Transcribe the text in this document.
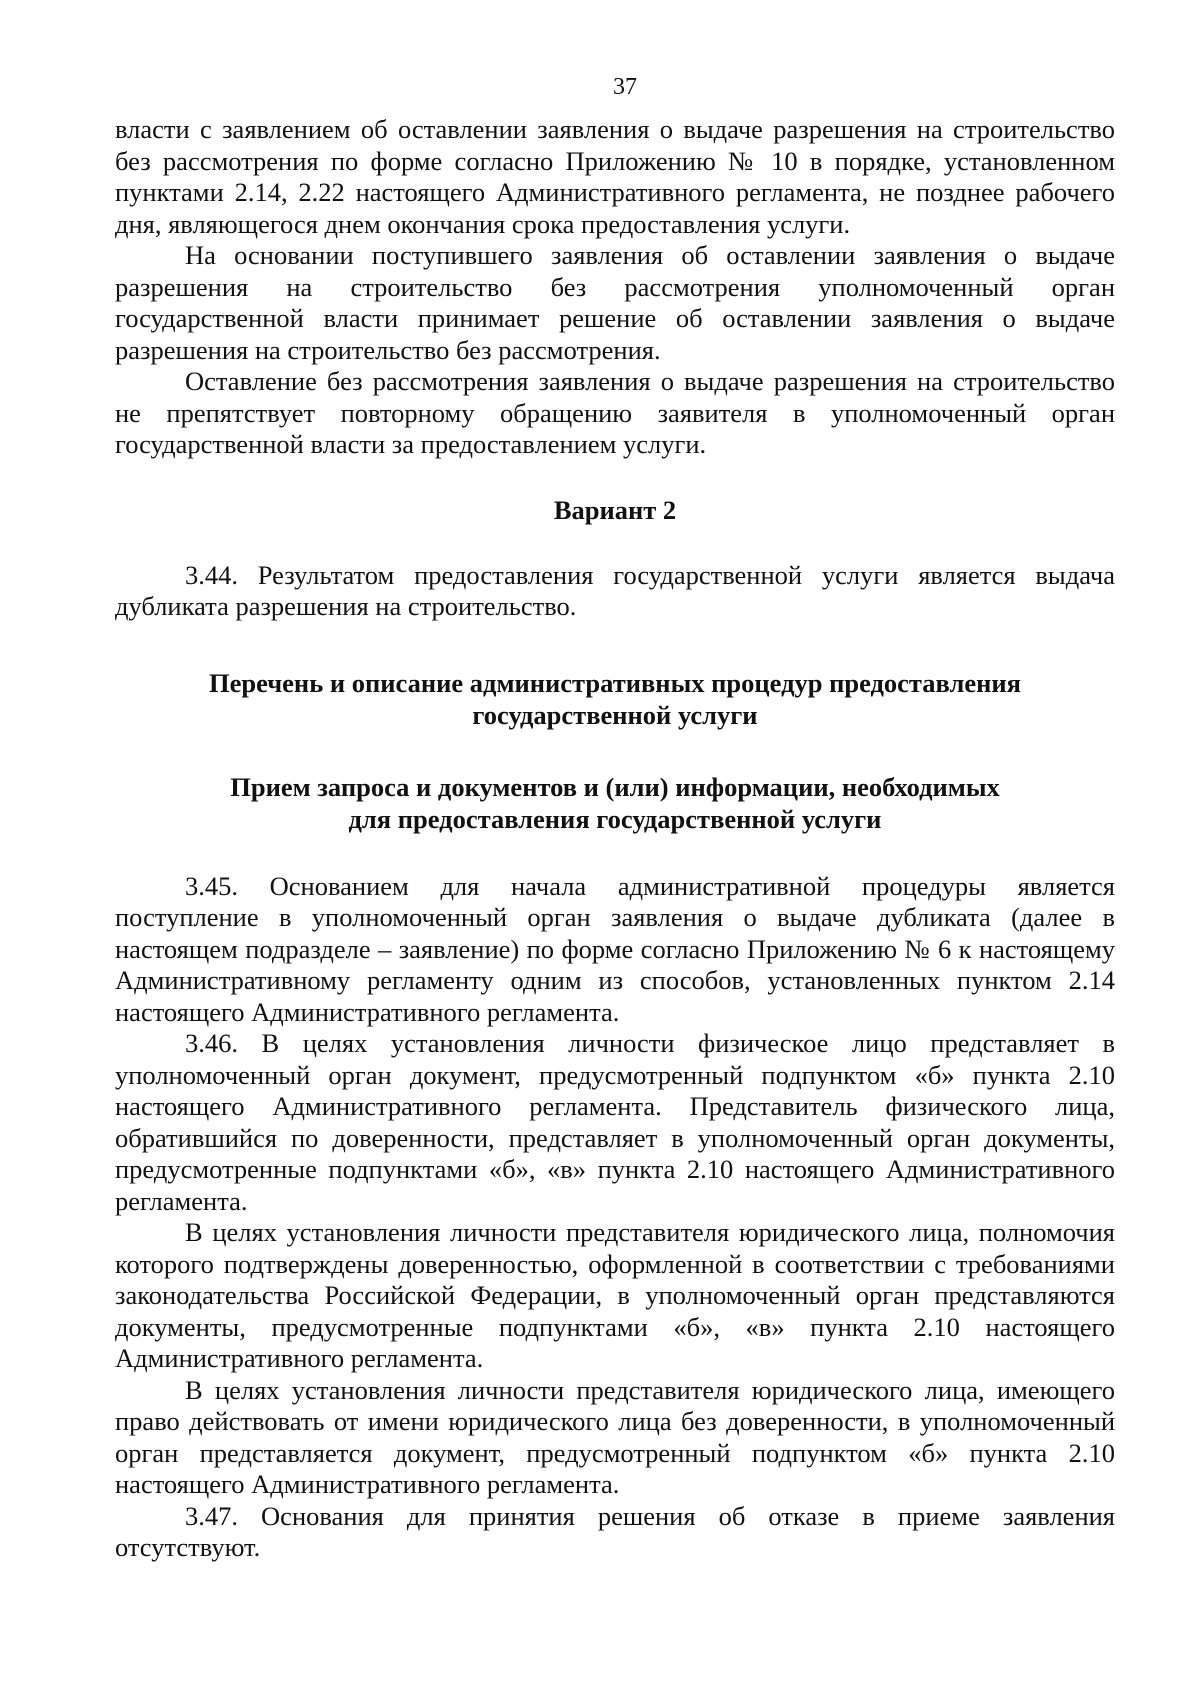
37

власти с заявлением об оставлении заявления о выдаче разрешения на строительство без рассмотрения по форме согласно Приложению № 10 в порядке, установленном пунктами 2.14, 2.22 настоящего Административного регламента, не позднее рабочего дня, являющегося днем окончания срока предоставления услуги.

На основании поступившего заявления об оставлении заявления о выдаче разрешения на строительство без рассмотрения уполномоченный орган государственной власти принимает решение об оставлении заявления о выдаче разрешения на строительство без рассмотрения.

Оставление без рассмотрения заявления о выдаче разрешения на строительство не препятствует повторному обращению заявителя в уполномоченный орган государственной власти за предоставлением услуги.

Вариант 2

3.44. Результатом предоставления государственной услуги является выдача дубликата разрешения на строительство.

Перечень и описание административных процедур предоставления
государственной услуги
Прием запроса и документов и (или) информации, необходимых
для предоставления государственной услуги

3.45. Основанием для начала административной процедуры является поступление в уполномоченный орган заявления о выдаче дубликата (далее в настоящем подразделе – заявление) по форме согласно Приложению № 6 к настоящему Административному регламенту одним из способов, установленных пунктом 2.14 настоящего Административного регламента.

3.46. В целях установления личности физическое лицо представляет в уполномоченный орган документ, предусмотренный подпунктом «б» пункта 2.10 настоящего Административного регламента. Представитель физического лица, обратившийся по доверенности, представляет в уполномоченный орган документы, предусмотренные подпунктами «б», «в» пункта 2.10 настоящего Административного регламента.

В целях установления личности представителя юридического лица, полномочия которого подтверждены доверенностью, оформленной в соответствии с требованиями законодательства Российской Федерации, в уполномоченный орган представляются документы, предусмотренные подпунктами «б», «в» пункта 2.10 настоящего Административного регламента.

В целях установления личности представителя юридического лица, имеющего право действовать от имени юридического лица без доверенности, в уполномоченный орган представляется документ, предусмотренный подпунктом «б» пункта 2.10 настоящего Административного регламента.

3.47. Основания для принятия решения об отказе в приеме заявления отсутствуют.
